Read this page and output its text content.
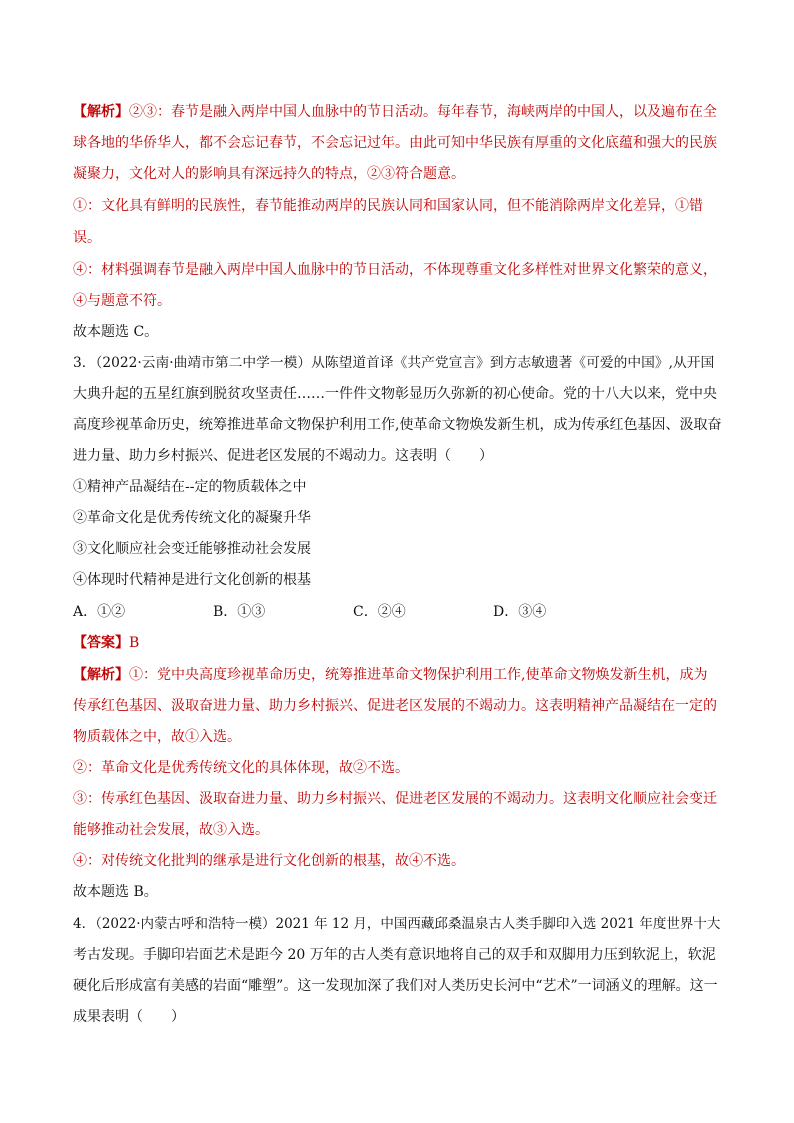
【解析】②③：春节是融入两岸中国人血脉中的节日活动。每年春节，海峡两岸的中国人，以及遍布在全
球各地的华侨华人，都不会忘记春节，不会忘记过年。由此可知中华民族有厚重的文化底蕴和强大的民族
凝聚力，文化对人的影响具有深远持久的特点，②③符合题意。
①：文化具有鲜明的民族性，春节能推动两岸的民族认同和国家认同，但不能消除两岸文化差异，①错
误。
④：材料强调春节是融入两岸中国人血脉中的节日活动，不体现尊重文化多样性对世界文化繁荣的意义，
④与题意不符。
故本题选 C。
3．（2022·云南·曲靖市第二中学一模）从陈望道首译《共产党宣言》到方志敏遗著《可爱的中国》,从开国
大典升起的五星红旗到脱贫攻坚责任……一件件文物彰显历久弥新的初心使命。党的十八大以来，党中央
高度珍视革命历史，统筹推进革命文物保护利用工作,使革命文物焕发新生机，成为传承红色基因、汲取奋
进力量、助力乡村振兴、促进老区发展的不竭动力。这表明（　　）
①精神产品凝结在--定的物质载体之中
②革命文化是优秀传统文化的凝聚升华
③文化顺应社会变迁能够推动社会发展
④体现时代精神是进行文化创新的根基
A．①②	B．①③	C．②④	D．③④
【答案】B
【解析】①：党中央高度珍视革命历史，统筹推进革命文物保护利用工作,使革命文物焕发新生机，成为
传承红色基因、汲取奋进力量、助力乡村振兴、促进老区发展的不竭动力。这表明精神产品凝结在一定的
物质载体之中，故①入选。
②：革命文化是优秀传统文化的具体体现，故②不选。
③：传承红色基因、汲取奋进力量、助力乡村振兴、促进老区发展的不竭动力。这表明文化顺应社会变迁
能够推动社会发展，故③入选。
④：对传统文化批判的继承是进行文化创新的根基，故④不选。
故本题选 B。
4．（2022·内蒙古呼和浩特一模）2021 年 12 月，中国西藏邱桑温泉古人类手脚印入选 2021 年度世界十大
考古发现。手脚印岩面艺术是距今 20 万年的古人类有意识地将自己的双手和双脚用力压到软泥上，软泥
硬化后形成富有美感的岩面“雕塑”。这一发现加深了我们对人类历史长河中“艺术”一词涵义的理解。这一
成果表明（　　）
